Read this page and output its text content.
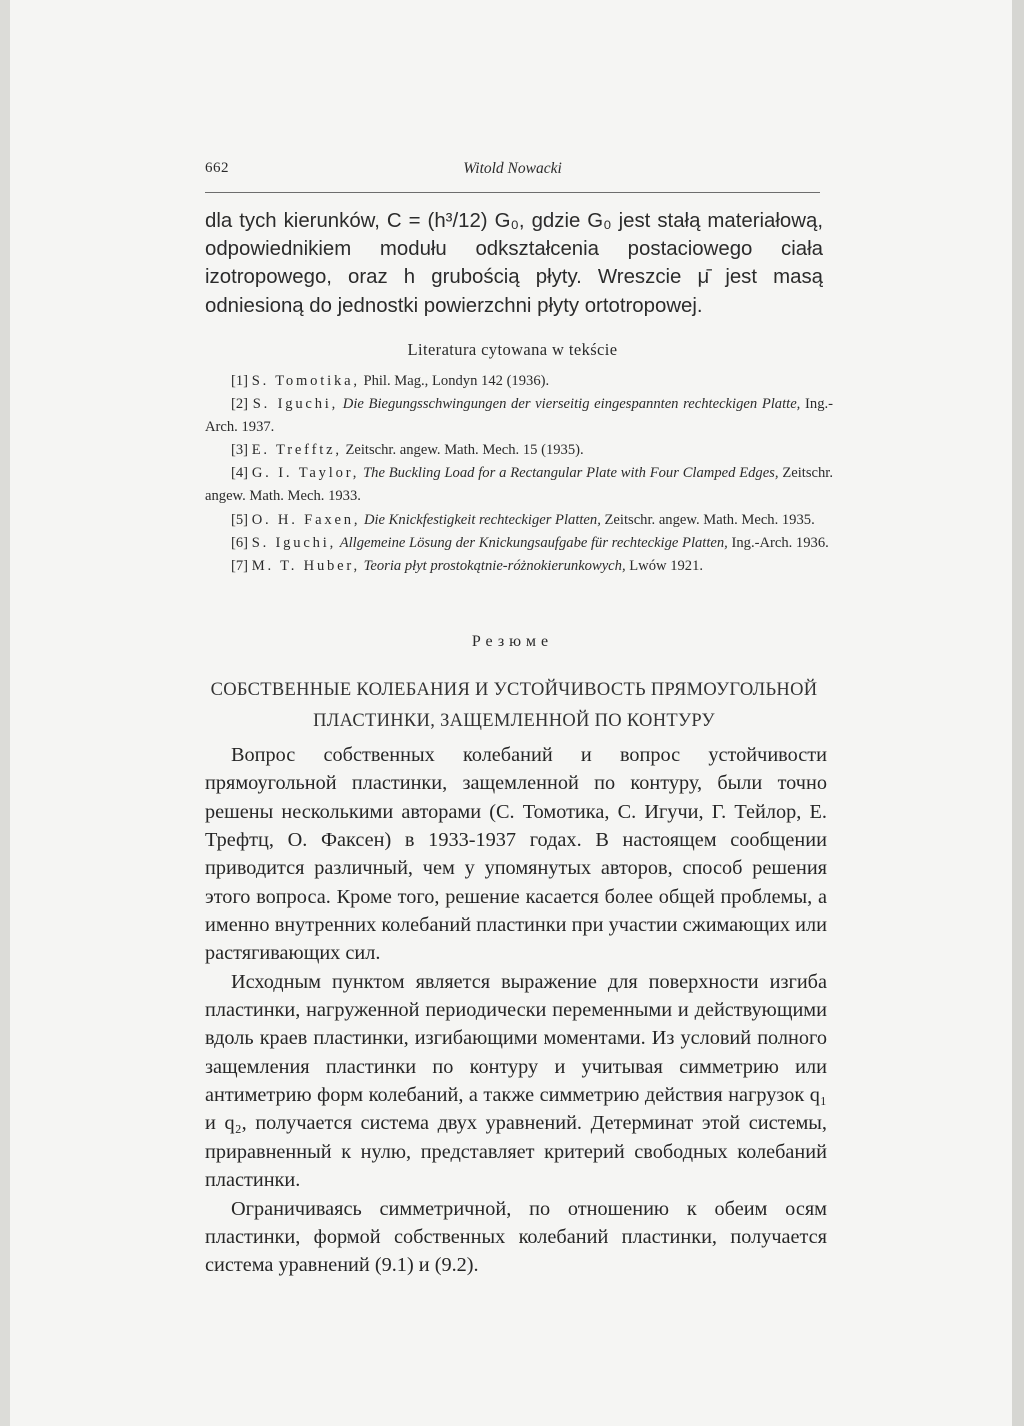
662	Witold Nowacki

dla tych kierunków, C = (h³/12) G₀, gdzie G₀ jest stałą materiałową, odpowiednikiem modułu odkształcenia postaciowego ciała izotropowego, oraz h grubością płyty. Wreszcie μ̄ jest masą odniesioną do jednostki powierzchni płyty ortotropowej.

Literatura cytowana w tekście

[1] S. Tomotika, Phil. Mag., Londyn 142 (1936).

[2] S. Iguchi, Die Biegungsschwingungen der vierseitig eingespannten rechteckigen Platte, Ing.-Arch. 1937.

[3] E. Trefftz, Zeitschr. angew. Math. Mech. 15 (1935).

[4] G. I. Taylor, The Buckling Load for a Rectangular Plate with Four Clamped Edges, Zeitschr. angew. Math. Mech. 1933.

[5] O. H. Faxen, Die Knickfestigkeit rechteckiger Platten, Zeitschr. angew. Math. Mech. 1935.

[6] S. Iguchi, Allgemeine Lösung der Knickungsaufgabe für rechteckige Platten, Ing.-Arch. 1936.

[7] M. T. Huber, Teoria płyt prostokątnie-różnokierunkowych, Lwów 1921.

Резюме
СОБСТВЕННЫЕ КОЛЕБАНИЯ И УСТОЙЧИВОСТЬ ПРЯМОУГОЛЬНОЙ
ПЛАСТИНКИ, ЗАЩЕМЛЕННОЙ ПО КОНТУРУ

Вопрос собственных колебаний и вопрос устойчивости прямоугольной пластинки, защемленной по контуру, были точно решены несколькими авторами (С. Томотика, С. Игучи, Г. Тейлор, Е. Трефтц, О. Факсен) в 1933-1937 годах. В настоящем сообщении приводится различный, чем у упомянутых авторов, способ решения этого вопроса. Кроме того, решение касается более общей проблемы, а именно внутренних колебаний пластинки при участии сжимающих или растягивающих сил.

Исходным пунктом является выражение для поверхности изгиба пластинки, нагруженной периодически переменными и действующими вдоль краев пластинки, изгибающими моментами. Из условий полного защемления пластинки по контуру и учитывая симметрию или антиметрию форм колебаний, а также симметрию действия нагрузок q₁ и q₂, получается система двух уравнений. Детерминат этой системы, приравненный к нулю, представляет критерий свободных колебаний пластинки.

Ограничиваясь симметричной, по отношению к обеим осям пластинки, формой собственных колебаний пластинки, получается система уравнений (9.1) и (9.2).
